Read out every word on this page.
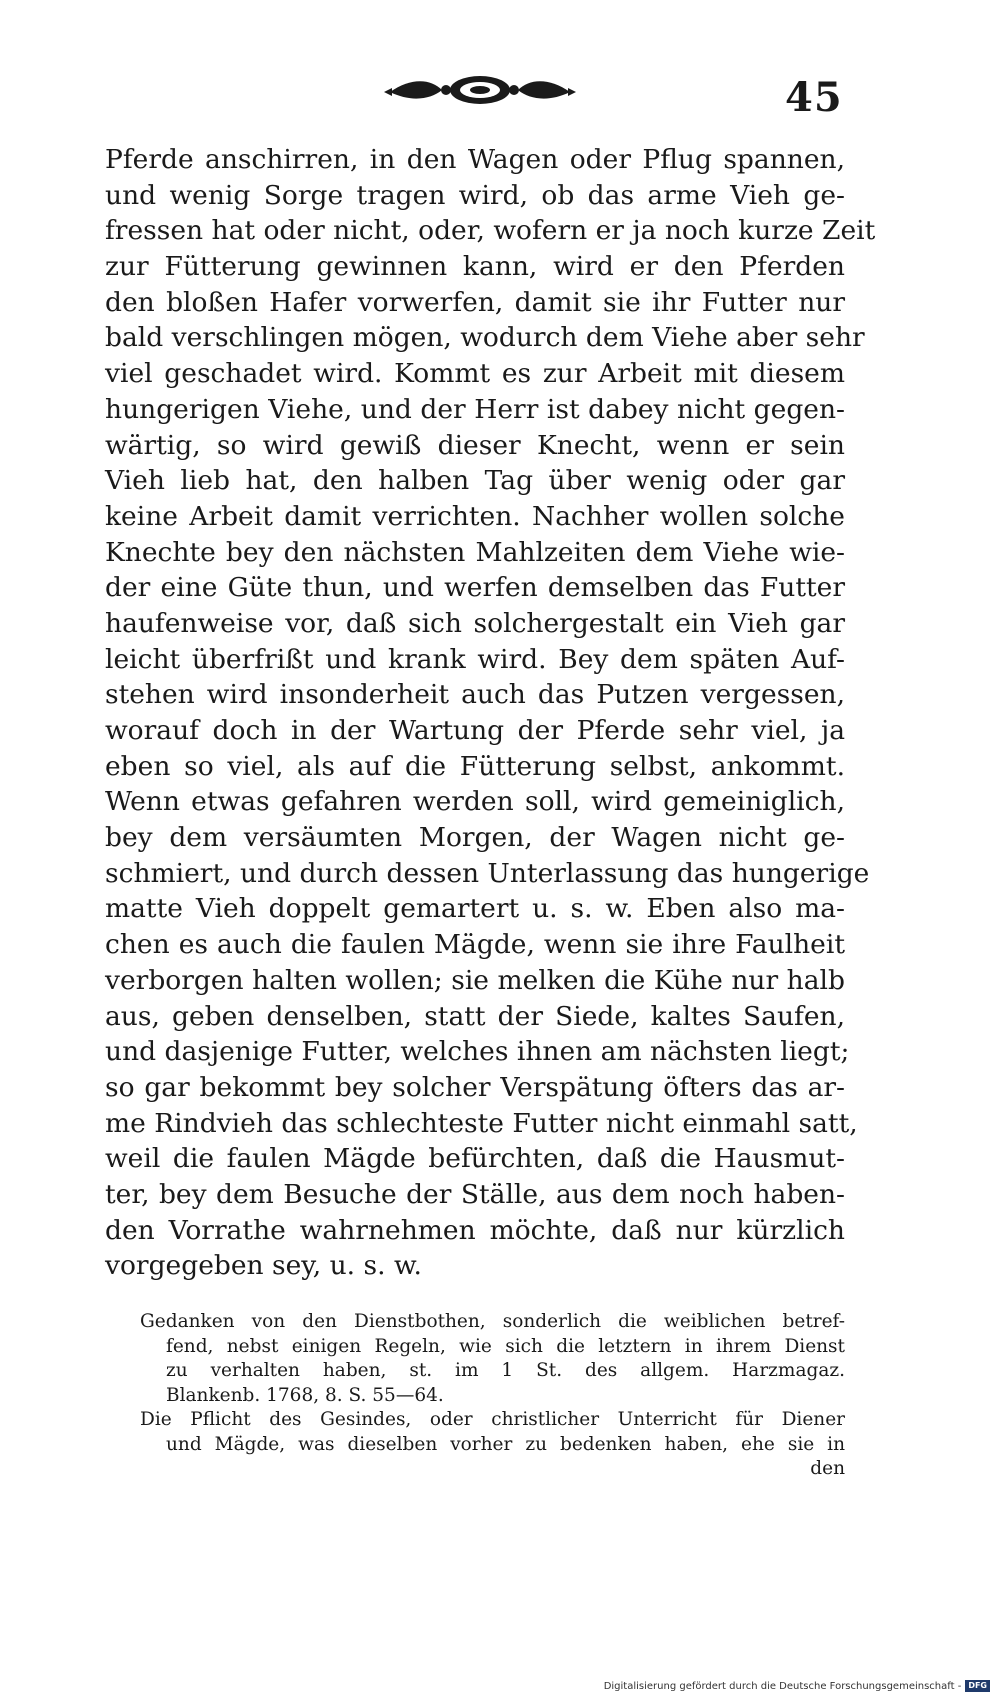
45
Pferde anschirren, in den Wagen oder Pflug spannen,
und wenig Sorge tragen wird, ob das arme Vieh ge-
fressen hat oder nicht, oder, wofern er ja noch kurze Zeit
zur Fütterung gewinnen kann, wird er den Pferden
den bloßen Hafer vorwerfen, damit sie ihr Futter nur
bald verschlingen mögen, wodurch dem Viehe aber sehr
viel geschadet wird. Kommt es zur Arbeit mit diesem
hungerigen Viehe, und der Herr ist dabey nicht gegen-
wärtig, so wird gewiß dieser Knecht, wenn er sein
Vieh lieb hat, den halben Tag über wenig oder gar
keine Arbeit damit verrichten. Nachher wollen solche
Knechte bey den nächsten Mahlzeiten dem Viehe wie-
der eine Güte thun, und werfen demselben das Futter
haufenweise vor, daß sich solchergestalt ein Vieh gar
leicht überfrißt und krank wird. Bey dem späten Auf-
stehen wird insonderheit auch das Putzen vergessen,
worauf doch in der Wartung der Pferde sehr viel, ja
eben so viel, als auf die Fütterung selbst, ankommt.
Wenn etwas gefahren werden soll, wird gemeiniglich,
bey dem versäumten Morgen, der Wagen nicht ge-
schmiert, und durch dessen Unterlassung das hungerige
matte Vieh doppelt gemartert u. s. w. Eben also ma-
chen es auch die faulen Mägde, wenn sie ihre Faulheit
verborgen halten wollen; sie melken die Kühe nur halb
aus, geben denselben, statt der Siede, kaltes Saufen,
und dasjenige Futter, welches ihnen am nächsten liegt;
so gar bekommt bey solcher Verspätung öfters das ar-
me Rindvieh das schlechteste Futter nicht einmahl satt,
weil die faulen Mägde befürchten, daß die Hausmut-
ter, bey dem Besuche der Ställe, aus dem noch haben-
den Vorrathe wahrnehmen möchte, daß nur kürzlich
vorgegeben sey, u. s. w.
Gedanken von den Dienstbothen, sonderlich die weiblichen betref-
fend, nebst einigen Regeln, wie sich die letztern in ihrem Dienst
zu verhalten haben, st. im 1 St. des allgem. Harzmagaz.
Blankenb. 1768, 8. S. 55—64.
Die Pflicht des Gesindes, oder christlicher Unterricht für Diener
und Mägde, was dieselben vorher zu bedenken haben, ehe sie in
den
Digitalisierung gefördert durch die Deutsche Forschungsgemeinschaft - DFG
